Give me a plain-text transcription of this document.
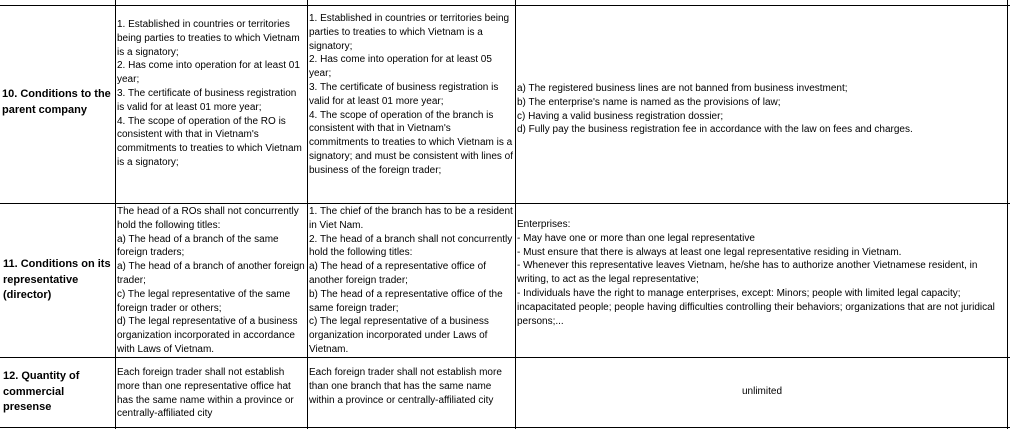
10. Conditions to the parent company
1. Established in countries or territories being parties to treaties to which Vietnam is a signatory;
2. Has come into operation for at least 01 year;
3. The certificate of business registration is valid for at least 01 more year;
4. The scope of operation of the RO is consistent with that in Vietnam's commitments to treaties to which Vietnam is a signatory;
1. Established in countries or territories being parties to treaties to which Vietnam is a signatory;
2. Has come into operation for at least 05 year;
3. The certificate of business registration is valid for at least 01 more year;
4. The scope of operation of the branch is consistent with that in Vietnam's commitments to treaties to which Vietnam is a signatory; and must be consistent with lines of business of the foreign trader;
a) The registered business lines are not banned from business investment;
b) The enterprise's name is named as the provisions of law;
c) Having a valid business registration dossier;
d) Fully pay the business registration fee in accordance with the law on fees and charges.
11. Conditions on its representative (director)
The head of a ROs shall not concurrently hold the following titles:
a) The head of a branch of the same foreign traders;
a) The head of a branch of another foreign trader;
c) The legal representative of the same foreign trader or others;
d) The legal representative of a business organization incorporated in accordance with Laws of Vietnam.
1. The chief of the branch has to be a resident in Viet Nam.
2. The head of a branch shall not concurrently hold the following titles:
a) The head of a representative office of another foreign trader;
b) The head of a representative office of the same foreign trader;
c) The legal representative of a business organization incorporated under Laws of Vietnam.
Enterprises:
- May have one or more than one legal representative
- Must ensure that there is always at least one legal representative residing in Vietnam.
- Whenever this representative leaves Vietnam, he/she has to authorize another Vietnamese resident, in writing, to act as the legal representative;
- Individuals have the right to manage enterprises, except: Minors; people with limited legal capacity; incapacitated people; people having difficulties controlling their behaviors; organizations that are not juridical persons;...
12. Quantity of commercial presense
Each foreign trader shall not establish more than one representative office hat has the same name within a province or centrally-affiliated city
Each foreign trader shall not establish more than one branch that has the same name within a province or centrally-affiliated city
unlimited
